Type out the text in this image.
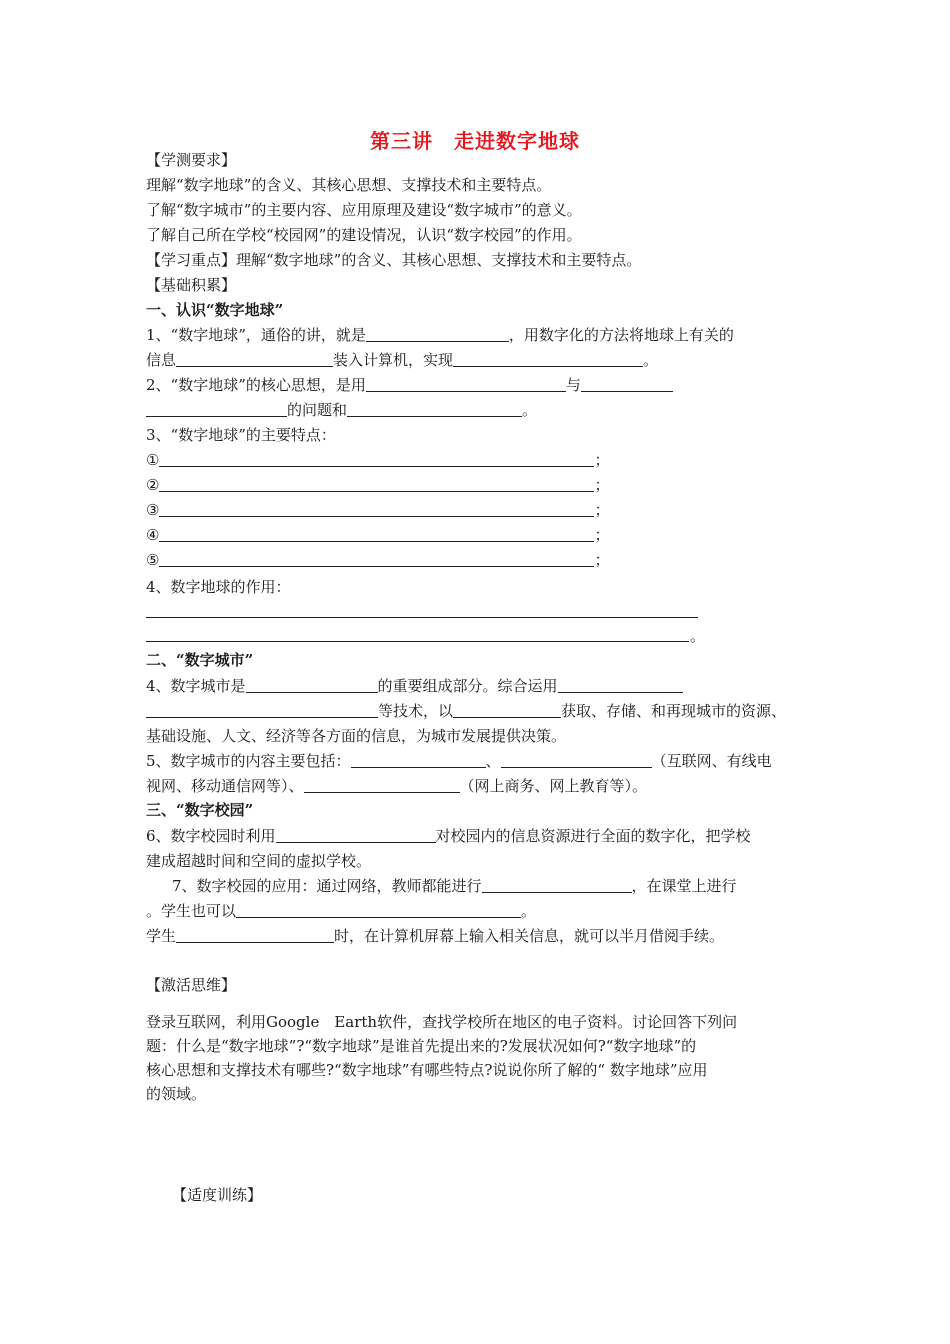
第三讲　走进数字地球
【学测要求】
理解“数字地球”的含义、其核心思想、支撑技术和主要特点。
了解“数字城市”的主要内容、应用原理及建设“数字城市”的意义。
了解自己所在学校“校园网”的建设情况，认识“数字校园”的作用。
【学习重点】理解“数字地球”的含义、其核心思想、支撑技术和主要特点。
【基础积累】
一、认识“数字地球”
1、“数字地球”，通俗的讲，就是	，用数字化的方法将地球上有关的
信息	装入计算机，实现	。
2、“数字地球”的核心思想，是用	与
的问题和	。
3、“数字地球”的主要特点：
①	；
②	；
③	；
④	；
⑤	；
4、数字地球的作用：
。
二、“数字城市”
4、数字城市是	的重要组成部分。综合运用
等技术，以	获取、存储、和再现城市的资源、
基础设施、人文、经济等各方面的信息，为城市发展提供决策。
5、数字城市的内容主要包括：	、	（互联网、有线电
视网、移动通信网等）、	（网上商务、网上教育等）。
三、“数字校园”
6、数字校园时利用	对校园内的信息资源进行全面的数字化，把学校
建成超越时间和空间的虚拟学校。
7、数字校园的应用：通过网络，教师都能进行	，在课堂上进行
。学生也可以	。
学生	时，在计算机屏幕上输入相关信息，就可以半月借阅手续。
【激活思维】
登录互联网，利用Google　Earth软件，查找学校所在地区的电子资料。讨论回答下列问
题：什么是“数字地球”?“数字地球”是谁首先提出来的?发展状况如何?“数字地球”的
核心思想和支撑技术有哪些?“数字地球”有哪些特点?说说你所了解的“ 数字地球”应用
的领域。
【适度训练】
